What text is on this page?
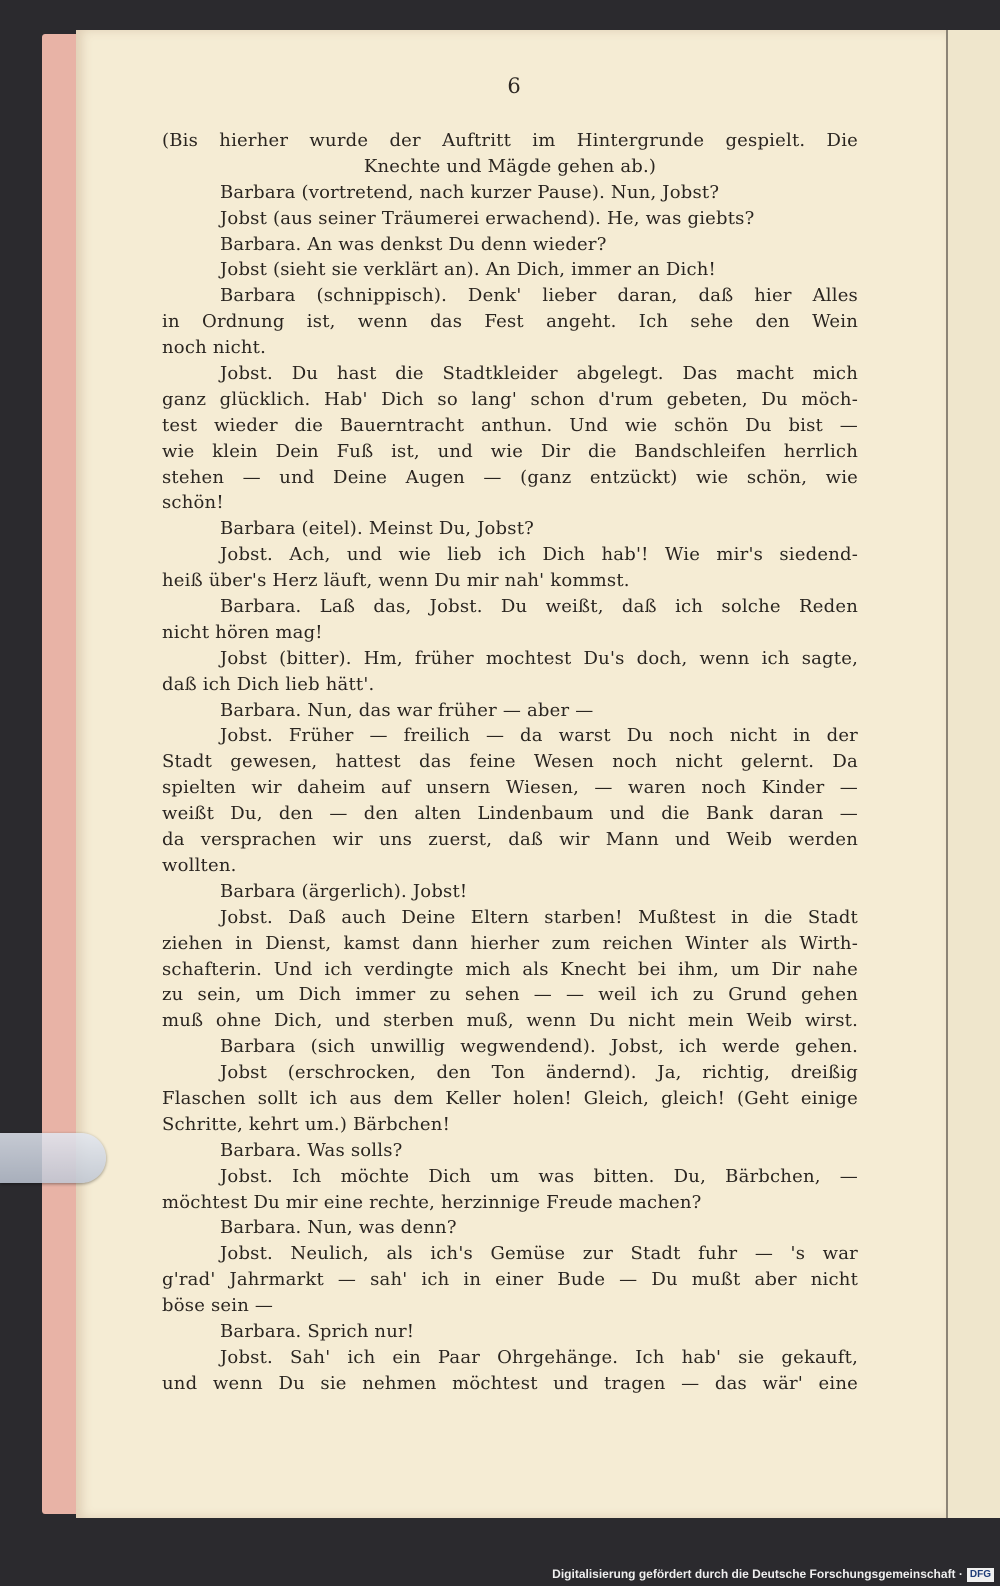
6
(Bis hierher wurde der Auftritt im Hintergrunde gespielt. Die
Knechte und Mägde gehen ab.)
Barbara (vortretend, nach kurzer Pause). Nun, Jobst?
Jobst (aus seiner Träumerei erwachend). He, was giebts?
Barbara. An was denkst Du denn wieder?
Jobst (sieht sie verklärt an). An Dich, immer an Dich!
Barbara (schnippisch). Denk' lieber daran, daß hier Alles
in Ordnung ist, wenn das Fest angeht. Ich sehe den Wein
noch nicht.
Jobst. Du hast die Stadtkleider abgelegt. Das macht mich
ganz glücklich. Hab' Dich so lang' schon d'rum gebeten, Du möch-
test wieder die Bauerntracht anthun. Und wie schön Du bist —
wie klein Dein Fuß ist, und wie Dir die Bandschleifen herrlich
stehen — und Deine Augen — (ganz entzückt) wie schön, wie
schön!
Barbara (eitel). Meinst Du, Jobst?
Jobst. Ach, und wie lieb ich Dich hab'! Wie mir's siedend-
heiß über's Herz läuft, wenn Du mir nah' kommst.
Barbara. Laß das, Jobst. Du weißt, daß ich solche Reden
nicht hören mag!
Jobst (bitter). Hm, früher mochtest Du's doch, wenn ich sagte,
daß ich Dich lieb hätt'.
Barbara. Nun, das war früher — aber —
Jobst. Früher — freilich — da warst Du noch nicht in der
Stadt gewesen, hattest das feine Wesen noch nicht gelernt. Da
spielten wir daheim auf unsern Wiesen, — waren noch Kinder —
weißt Du, den — den alten Lindenbaum und die Bank daran —
da versprachen wir uns zuerst, daß wir Mann und Weib werden
wollten.
Barbara (ärgerlich). Jobst!
Jobst. Daß auch Deine Eltern starben! Mußtest in die Stadt
ziehen in Dienst, kamst dann hierher zum reichen Winter als Wirth-
schafterin. Und ich verdingte mich als Knecht bei ihm, um Dir nahe
zu sein, um Dich immer zu sehen — — weil ich zu Grund gehen
muß ohne Dich, und sterben muß, wenn Du nicht mein Weib wirst.
Barbara (sich unwillig wegwendend). Jobst, ich werde gehen.
Jobst (erschrocken, den Ton ändernd). Ja, richtig, dreißig
Flaschen sollt ich aus dem Keller holen! Gleich, gleich! (Geht einige
Schritte, kehrt um.) Bärbchen!
Barbara. Was solls?
Jobst. Ich möchte Dich um was bitten. Du, Bärbchen, —
möchtest Du mir eine rechte, herzinnige Freude machen?
Barbara. Nun, was denn?
Jobst. Neulich, als ich's Gemüse zur Stadt fuhr — 's war
g'rad' Jahrmarkt — sah' ich in einer Bude — Du mußt aber nicht
böse sein —
Barbara. Sprich nur!
Jobst. Sah' ich ein Paar Ohrgehänge. Ich hab' sie gekauft,
und wenn Du sie nehmen möchtest und tragen — das wär' eine
Digitalisierung gefördert durch die Deutsche Forschungsgemeinschaft · DFG
